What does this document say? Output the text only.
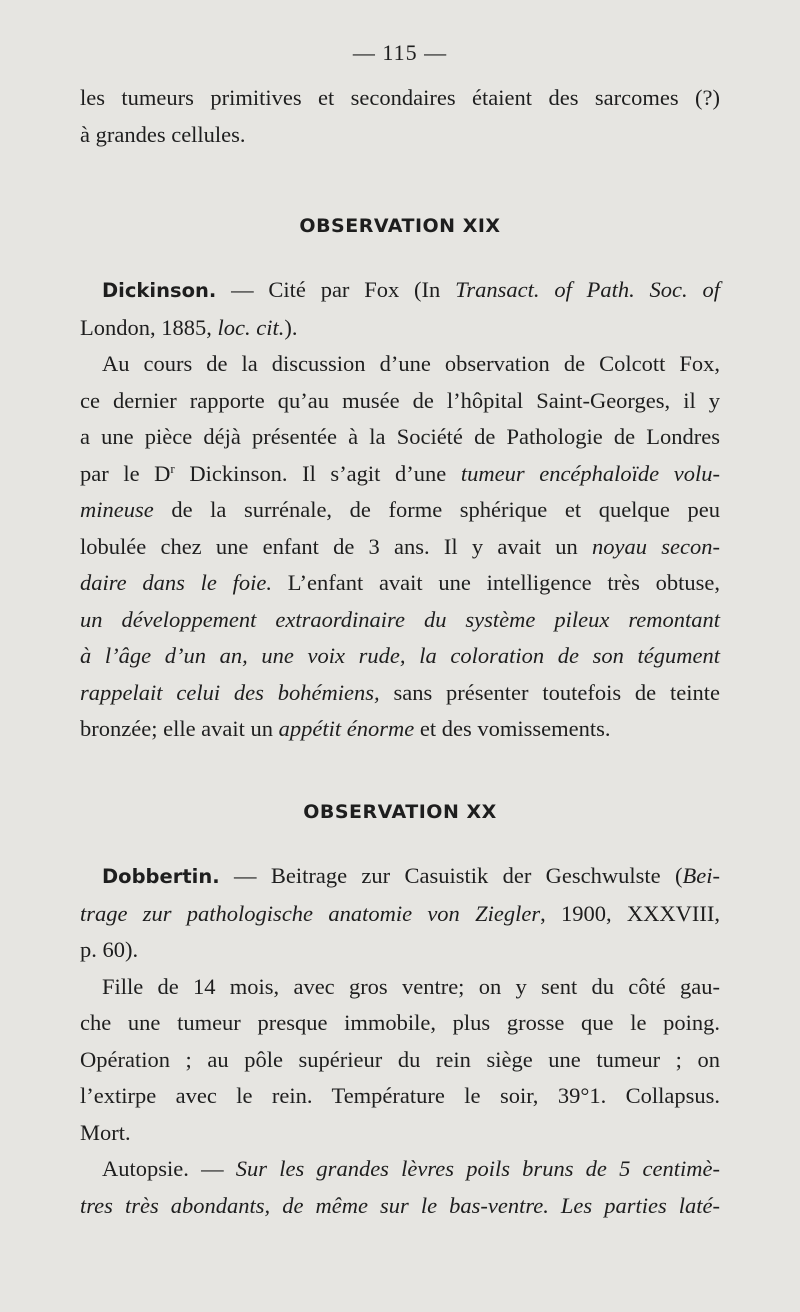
— 115 —
les tumeurs primitives et secondaires étaient des sarcomes (?)
à grandes cellules.
OBSERVATION XIX
Dickinson. — Cité par Fox (In Transact. of Path. Soc. of
London, 1885, loc. cit.).
Au cours de la discussion d’une observation de Colcott Fox,
ce dernier rapporte qu’au musée de l’hôpital Saint-Georges, il y
a une pièce déjà présentée à la Société de Pathologie de Londres
par le $D^r$ Dickinson. Il s’agit d’une tumeur encéphaloïde volu-
mineuse de la surrénale, de forme sphérique et quelque peu
lobulée chez une enfant de 3 ans. Il y avait un noyau secon-
daire dans le foie. L’enfant avait une intelligence très obtuse,
un développement extraordinaire du système pileux remontant
à l’âge d’un an, une voix rude, la coloration de son tégument
rappelait celui des bohémiens, sans présenter toutefois de teinte
bronzée; elle avait un appétit énorme et des vomissements.
OBSERVATION XX
Dobbertin. — Beitrage zur Casuistik der Geschwulste (Bei-
trage zur pathologische anatomie von Ziegler, 1900, XXXVIII,
p. 60).
Fille de 14 mois, avec gros ventre; on y sent du côté gau-
che une tumeur presque immobile, plus grosse que le poing.
Opération ; au pôle supérieur du rein siège une tumeur ; on
l’extirpe avec le rein. Température le soir, 39°1. Collapsus.
Mort.
Autopsie. — Sur les grandes lèvres poils bruns de 5 centimè-
tres très abondants, de même sur le bas-ventre. Les parties laté-
